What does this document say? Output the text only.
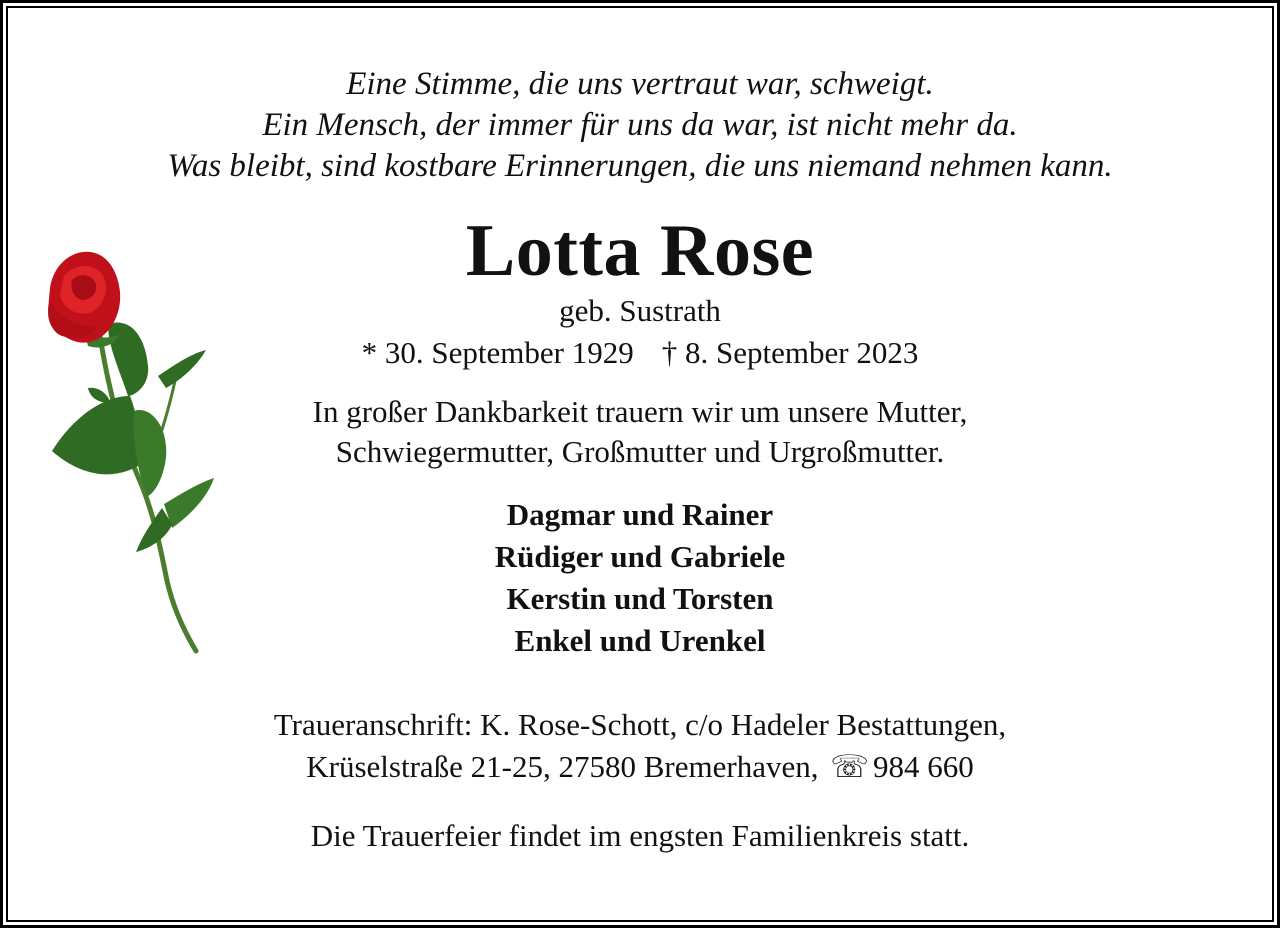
Eine Stimme, die uns vertraut war, schweigt.
Ein Mensch, der immer für uns da war, ist nicht mehr da.
Was bleibt, sind kostbare Erinnerungen, die uns niemand nehmen kann.
Lotta Rose
geb. Sustrath
* 30. September 1929 † 8. September 2023
In großer Dankbarkeit trauern wir um unsere Mutter,
Schwiegermutter, Großmutter und Urgroßmutter.
Dagmar und Rainer
Rüdiger und Gabriele
Kerstin und Torsten
Enkel und Urenkel
Traueranschrift: K. Rose-Schott, c/o Hadeler Bestattungen,
Krüselstraße 21-25, 27580 Bremerhaven, ☏ 984 660
Die Trauerfeier findet im engsten Familienkreis statt.
